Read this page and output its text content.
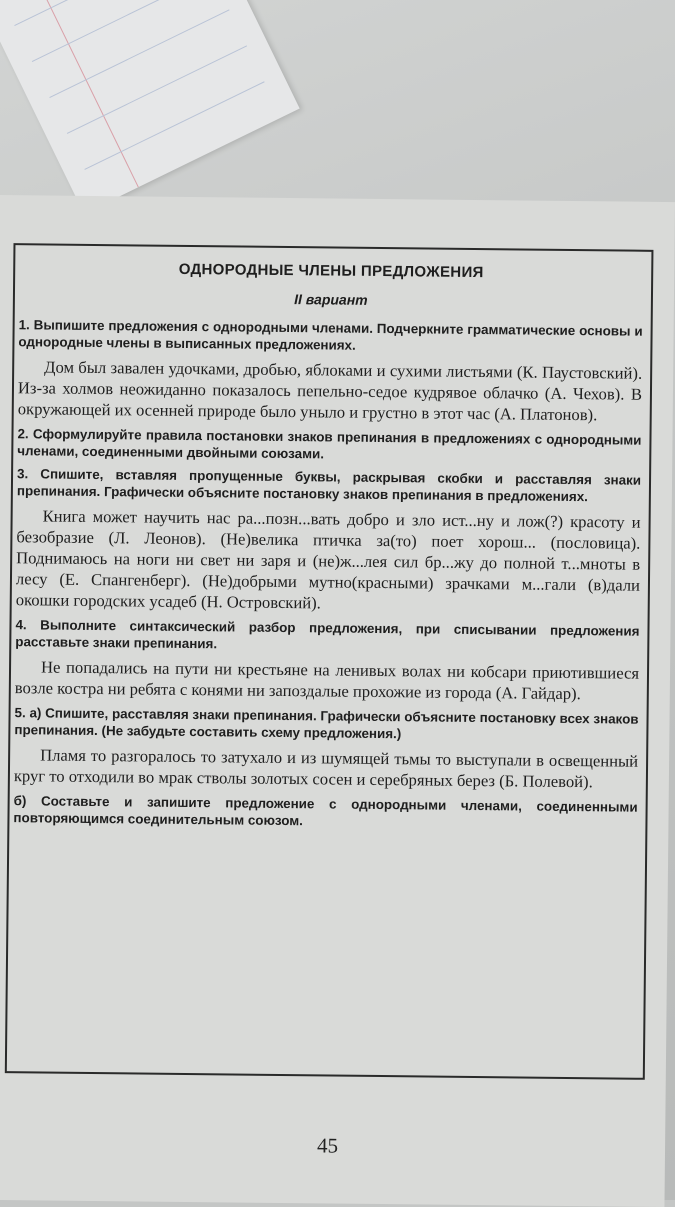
ОДНОРОДНЫЕ ЧЛЕНЫ ПРЕДЛОЖЕНИЯ
II вариант

1. Выпишите предложения с однородными членами. Подчеркните грамматические основы и однородные члены в выписанных предложениях.

Дом был завален удочками, дробью, яблоками и сухими листьями (К. Паустовский). Из-за холмов неожиданно показалось пепельно-седое кудрявое облачко (А. Чехов). В окружающей их осенней природе было уныло и грустно в этот час (А. Платонов).

2. Сформулируйте правила постановки знаков препинания в предложениях с однородными членами, соединенными двойными союзами.

3. Спишите, вставляя пропущенные буквы, раскрывая скобки и расставляя знаки препинания. Графически объясните постановку знаков препинания в предложениях.

Книга может научить нас ра...позн...вать добро и зло ист...ну и лож(?) красоту и безобразие (Л. Леонов). (Не)велика птичка за(то) поет хорош... (пословица). Поднимаюсь на ноги ни свет ни заря и (не)ж...лея сил бр...жу до полной т...мноты в лесу (Е. Спангенберг). (Не)добрыми мутно(красными) зрачками м...гали (в)дали окошки городских усадеб (Н. Островский).

4. Выполните синтаксический разбор предложения, при списывании предложения расставьте знаки препинания.

Не попадались на пути ни крестьяне на ленивых волах ни кобсари приютившиеся возле костра ни ребята с конями ни запоздалые прохожие из города (А. Гайдар).

5. а) Спишите, расставляя знаки препинания. Графически объясните постановку всех знаков препинания. (Не забудьте составить схему предложения.)

Пламя то разгоралось то затухало и из шумящей тьмы то выступали в освещенный круг то отходили во мрак стволы золотых сосен и серебряных берез (Б. Полевой).

б) Составьте и запишите предложение с однородными членами, соединенными повторяющимся соединительным союзом.

45
